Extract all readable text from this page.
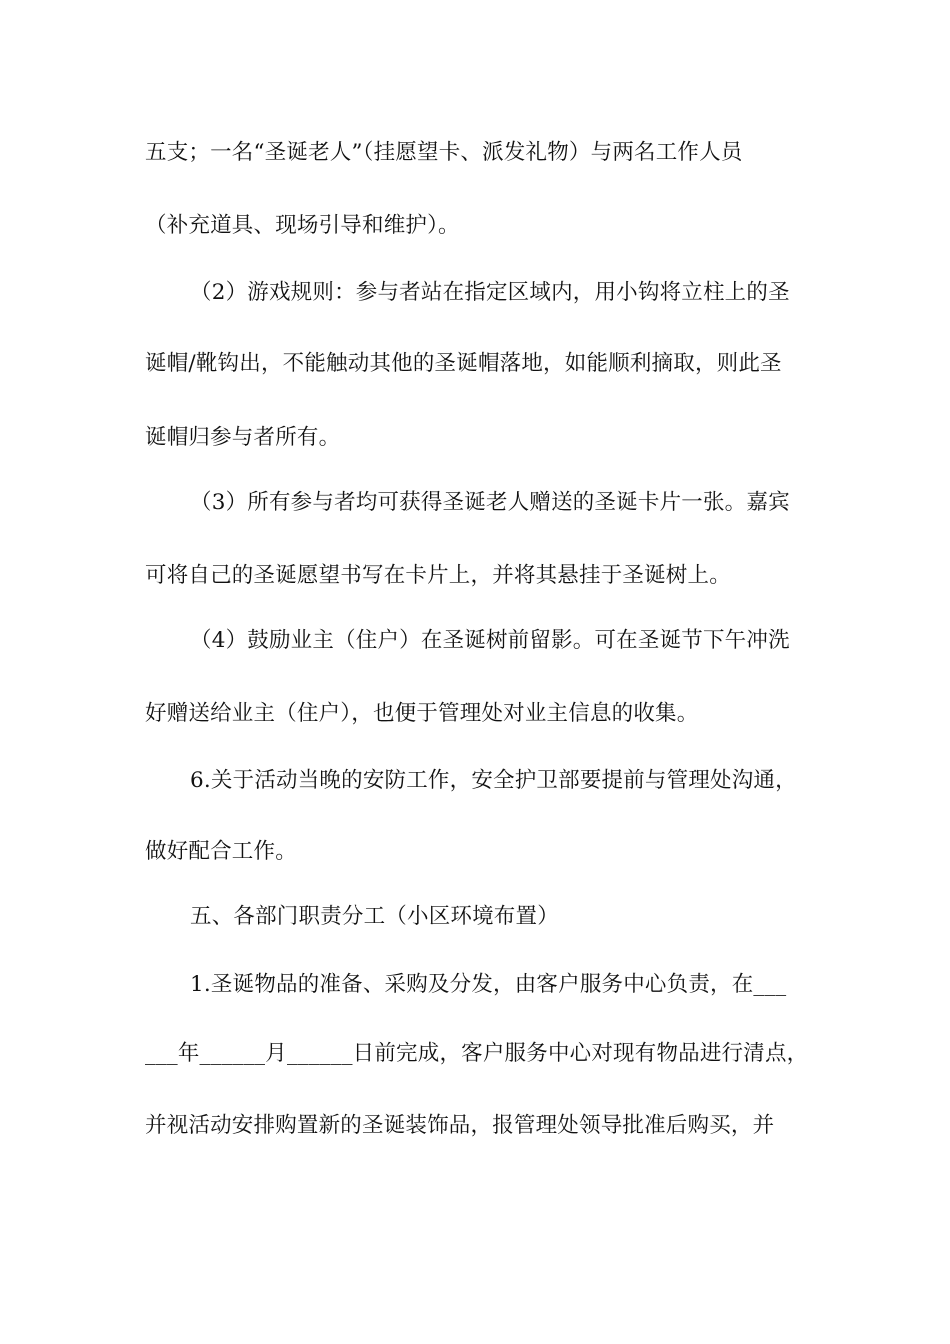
五支；一名“圣诞老人”（挂愿望卡、派发礼物）与两名工作人员
（补充道具、现场引导和维护）。
（2）游戏规则：参与者站在指定区域内，用小钩将立柱上的圣
诞帽/靴钩出，不能触动其他的圣诞帽落地，如能顺利摘取，则此圣
诞帽归参与者所有。
（3）所有参与者均可获得圣诞老人赠送的圣诞卡片一张。嘉宾
可将自己的圣诞愿望书写在卡片上，并将其悬挂于圣诞树上。
（4）鼓励业主（住户）在圣诞树前留影。可在圣诞节下午冲洗
好赠送给业主（住户），也便于管理处对业主信息的收集。
6.关于活动当晚的安防工作，安全护卫部要提前与管理处沟通，
做好配合工作。
五、各部门职责分工（小区环境布置）
1.圣诞物品的准备、采购及分发，由客户服务中心负责，在___
___年______月______日前完成，客户服务中心对现有物品进行清点，
并视活动安排购置新的圣诞装饰品，报管理处领导批准后购买，并
